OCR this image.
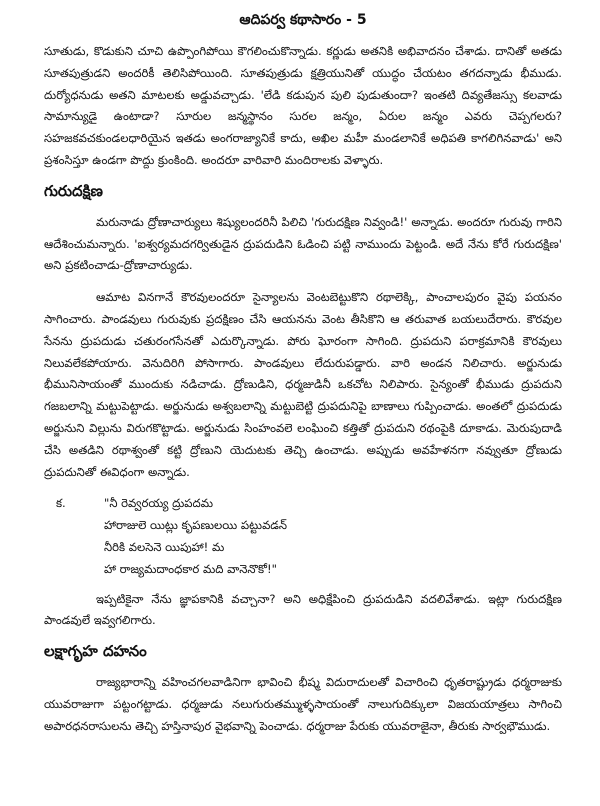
ఆదిపర్వ కథాసారం - 5

సూతుడు, కొడుకుని చూచి ఉప్పొంగిపోయి కౌగలించుకొన్నాడు. కర్ణుడు అతనికి అభివాదనం చేశాడు. దానితో అతడు సూతపుత్రుడని అందరికీ తెలిసిపోయింది. సూతపుత్రుడు క్షత్రియునితో యుద్ధం చేయటం తగదన్నాడు భీముడు. దుర్యోధనుడు అతని మాటలకు అడ్డువచ్చాడు. 'లేడి కడుపున పులి పుడుతుందా? ఇంతటి దివ్యతేజస్సు కలవాడు సామాన్యుడై ఉంటాడా? సూరుల జన్మస్థానం సురల జన్మం, ఏరుల జన్మం ఎవరు చెప్పగలరు? సహజకవచకుండలధారియైన ఇతడు అంగరాజ్యానికే కాదు, అఖిల మహీ మండలానికే అధిపతి కాగలిగినవాడు' అని ప్రశంసిస్తూ ఉండగా పొద్దు క్రుంకింది. అందరూ వారివారి మందిరాలకు వెళ్ళారు.

గురుదక్షిణ

మరునాడు ద్రోణాచార్యులు శిష్యులందరినీ పిలిచి 'గురుదక్షిణ నివ్వండి!' అన్నాడు. అందరూ గురువు గారిని ఆదేశించుమన్నారు. 'ఐశ్వర్యమదగర్వితుడైన ద్రుపదుడిని ఓడించి పట్టి నాముందు పెట్టండి. అదే నేను కోరే గురుదక్షిణ' అని ప్రకటించాడు-ద్రోణాచార్యుడు.

ఆమాట వినగానే కౌరవులందరూ సైన్యాలను వెంటబెట్టుకొని రథాలెక్కి, పాంచాలపురం వైపు పయనం సాగించారు. పాండవులు గురువుకు ప్రదక్షిణం చేసి ఆయనను వెంట తీసికొని ఆ తరువాత బయలుదేరారు. కౌరవుల సేనను ద్రుపదుడు చతురంగసేనతో ఎదుర్కొన్నాడు. పోరు ఘోరంగా సాగింది. ద్రుపదుని పరాక్రమానికి కౌరవులు నిలువలేకపోయారు. వెనుదిరిగి పోసాగారు. పాండవులు లేదురుపడ్డారు. వారి అండన నిలిచారు. అర్జునుడు భీమునిసాయంతో ముందుకు నడిచాడు. ద్రోణుడిని, ధర్మజుడినీ ఒకచోట నిలిపారు. సైన్యంతో భీముడు ద్రుపదుని గజబలాన్ని మట్టుపెట్టాడు. అర్జునుడు అశ్వబలాన్ని మట్టుబెట్టి ద్రుపదునిపై బాణాలు గుప్పించాడు. అంతలో ద్రుపదుడు అర్జునుని విల్లును విరుగకొట్టాడు. అర్జునుడు సింహంవలె లంఘించి కత్తితో ద్రుపదుని రథంపైకి దూకాడు. మెరుపుదాడి చేసి అతడిని రథాశ్వంతో కట్టి ద్రోణుని యెదుటకు తెచ్చి ఉంచాడు. అప్పుడు అవహేళనగా నవ్వుతూ ద్రోణుడు ద్రుపదునితో ఈవిధంగా అన్నాడు.

క.	"నీ రెవ్వరయ్య ద్రుపదమ
హారాజులె యిట్లు కృపణులయి పట్టువడన్
నీరికి వలసెనె యిపుహా! మ
హా రాజ్యమదాంధకార మది వానెనొకో!"

ఇప్పటికైనా నేను జ్ఞాపకానికి వచ్చానా? అని అధిక్షేపించి ద్రుపదుడిని వదలివేశాడు. ఇట్లా గురుదక్షిణ పాండవులే ఇవ్వగలిగారు.

లక్షాగృహ దహనం

రాజ్యభారాన్ని వహించగలవాడినిగా భావించి భీష్మ విదురాదులతో విచారించి ధృతరాష్ట్రుడు ధర్మరాజుకు యువరాజుగా పట్టంగట్టాడు. ధర్మజుడు నలుగురుతమ్ముళ్ళసాయంతో నాలుగుదిక్కులా విజయయాత్రలు సాగించి అపారధనరాసులను తెచ్చి హస్తినాపుర వైభవాన్ని పెంచాడు. ధర్మరాజు పేరుకు యువరాజైనా, తీరుకు సార్వభౌముడు.
